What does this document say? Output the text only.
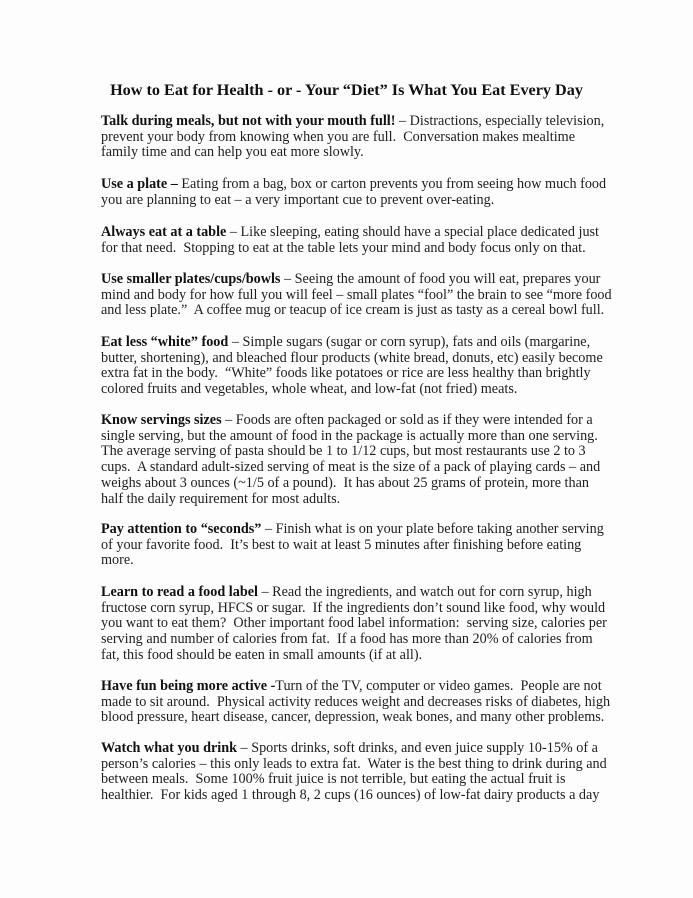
How to Eat for Health - or - Your “Diet” Is What You Eat Every Day

Talk during meals, but not with your mouth full! – Distractions, especially television,
prevent your body from knowing when you are full.  Conversation makes mealtime
family time and can help you eat more slowly.

Use a plate – Eating from a bag, box or carton prevents you from seeing how much food
you are planning to eat – a very important cue to prevent over-eating.

Always eat at a table – Like sleeping, eating should have a special place dedicated just
for that need.  Stopping to eat at the table lets your mind and body focus only on that.

Use smaller plates/cups/bowls – Seeing the amount of food you will eat, prepares your
mind and body for how full you will feel – small plates “fool” the brain to see “more food
and less plate.”  A coffee mug or teacup of ice cream is just as tasty as a cereal bowl full.

Eat less “white” food – Simple sugars (sugar or corn syrup), fats and oils (margarine,
butter, shortening), and bleached flour products (white bread, donuts, etc) easily become
extra fat in the body.  “White” foods like potatoes or rice are less healthy than brightly
colored fruits and vegetables, whole wheat, and low-fat (not fried) meats.

Know servings sizes – Foods are often packaged or sold as if they were intended for a
single serving, but the amount of food in the package is actually more than one serving.
The average serving of pasta should be 1 to 1/12 cups, but most restaurants use 2 to 3
cups.  A standard adult-sized serving of meat is the size of a pack of playing cards – and
weighs about 3 ounces (~1/5 of a pound).  It has about 25 grams of protein, more than
half the daily requirement for most adults.

Pay attention to “seconds” – Finish what is on your plate before taking another serving
of your favorite food.  It’s best to wait at least 5 minutes after finishing before eating
more.

Learn to read a food label – Read the ingredients, and watch out for corn syrup, high
fructose corn syrup, HFCS or sugar.  If the ingredients don’t sound like food, why would
you want to eat them?  Other important food label information:  serving size, calories per
serving and number of calories from fat.  If a food has more than 20% of calories from
fat, this food should be eaten in small amounts (if at all).

Have fun being more active -Turn of the TV, computer or video games.  People are not
made to sit around.  Physical activity reduces weight and decreases risks of diabetes, high
blood pressure, heart disease, cancer, depression, weak bones, and many other problems.

Watch what you drink – Sports drinks, soft drinks, and even juice supply 10-15% of a
person’s calories – this only leads to extra fat.  Water is the best thing to drink during and
between meals.  Some 100% fruit juice is not terrible, but eating the actual fruit is
healthier.  For kids aged 1 through 8, 2 cups (16 ounces) of low-fat dairy products a day
